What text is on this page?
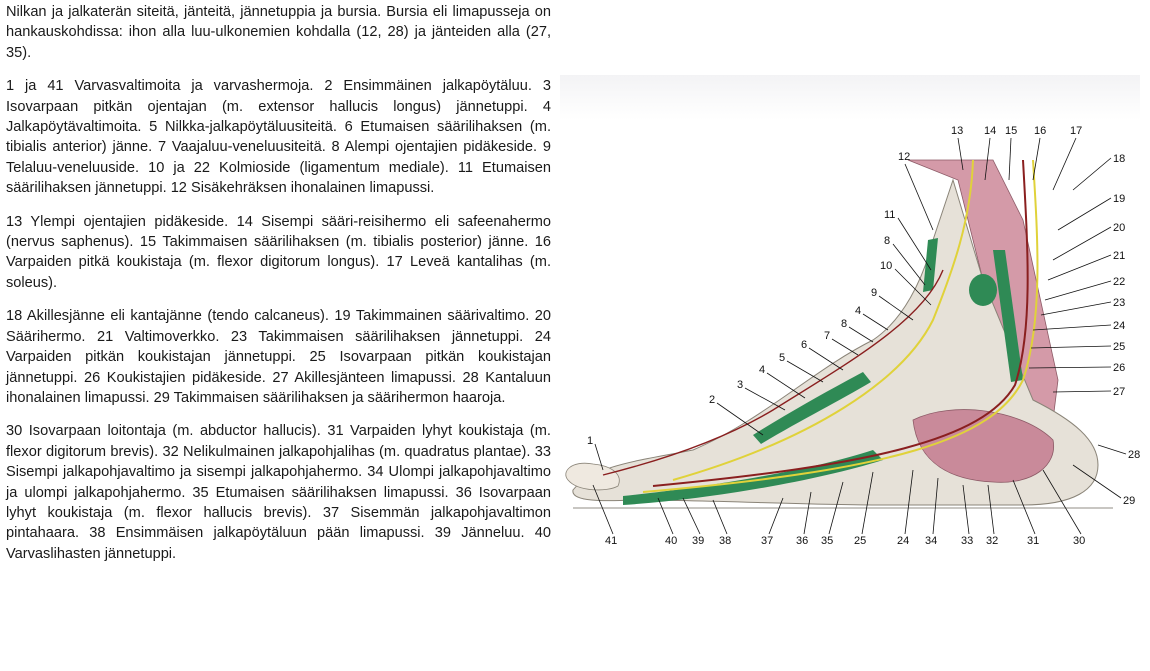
Nilkan ja jalkaterän siteitä, jänteitä, jännetuppia ja bursia. Bursia eli limapusseja on hankauskohdissa: ihon alla luu-ulkonemien kohdalla (12, 28) ja jänteiden alla (27, 35).

1 ja 41 Varvasvaltimoita ja varvashermoja. 2 Ensimmäinen jalkapöytäluu. 3 Isovarpaan pitkän ojentajan (m. extensor hallucis longus) jännetuppi. 4 Jalkapöytävaltimoita. 5 Nilkka-jalkapöytäluusiteitä. 6 Etumaisen säärilihaksen (m. tibialis anterior) jänne. 7 Vaajaluu-veneluusiteitä. 8 Alempi ojentajien pidäkeside. 9 Telaluu-veneluuside. 10 ja 22 Kolmioside (ligamentum mediale). 11 Etumaisen säärilihaksen jännetuppi. 12 Sisäkehräksen ihonalainen limapussi.

13 Ylempi ojentajien pidäkeside. 14 Sisempi sääri-reisihermo eli safeenahermo (nervus saphenus). 15 Takimmaisen säärilihaksen (m. tibialis posterior) jänne. 16 Varpaiden pitkä koukistaja (m. flexor digitorum longus). 17 Leveä kantalihas (m. soleus).

18 Akillesjänne eli kantajänne (tendo calcaneus). 19 Takimmainen säärivaltimo. 20 Säärihermo. 21 Valtimoverkko. 23 Takimmaisen säärilihaksen jännetuppi. 24 Varpaiden pitkän koukistajan jännetuppi. 25 Isovarpaan pitkän koukistajan jännetuppi. 26 Koukistajien pidäkeside. 27 Akillesjänteen limapussi. 28 Kantaluun ihonalainen limapussi. 29 Takimmaisen säärilihaksen ja säärihermon haaroja.

30 Isovarpaan loitontaja (m. abductor hallucis). 31 Varpaiden lyhyt koukistaja (m. flexor digitorum brevis). 32 Nelikulmainen jalkapohjalihas (m. quadratus plantae). 33 Sisempi jalkapohjavaltimo ja sisempi jalkapohjahermo. 34 Ulompi jalkapohjavaltimo ja ulompi jalkapohjahermo. 35 Etumaisen säärilihaksen limapussi. 36 Isovarpaan lyhyt koukistaja (m. flexor hallucis brevis). 37 Sisemmän jalkapohjavaltimon pintahaara. 38 Ensimmäisen jalkapöytäluun pään limapussi. 39 Jänneluu. 40 Varvaslihasten jännetuppi.

12
13 14 15 16 17
11
8
10
9
4
8
7
6
5
4
3
2
1
18
19
20
21
22
23
24
25
26
27
28
29
41	40 39 38	37 36 35 25	24 34 33 32	31	30
